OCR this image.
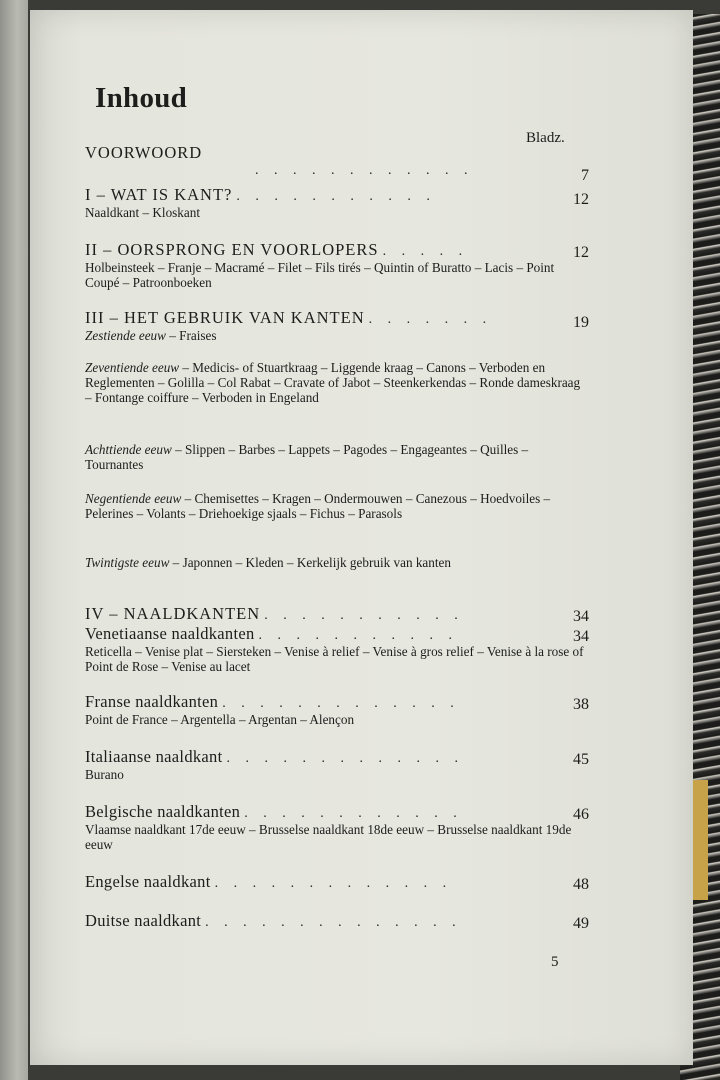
Inhoud
Bladz.
VOORWOORD
. . . . . . . . . . . .	7
I – WAT IS KANT? . . . . . . . . . . .	12
Naaldkant – Kloskant
II – OORSPRONG EN VOORLOPERS . . . . .	12
Holbeinsteek – Franje – Macramé – Filet – Fils tirés – Quintin of Buratto – Lacis – Point Coupé – Patroonboeken
III – HET GEBRUIK VAN KANTEN . . . . . . .	19
Zestiende eeuw – Fraises
Zeventiende eeuw – Medicis- of Stuartkraag – Liggende kraag – Canons – Verboden en Reglementen – Golilla – Col Rabat – Cravate of Jabot – Steenkerkendas – Ronde dameskraag – Fontange coiffure – Verboden in Engeland
Achttiende eeuw – Slippen – Barbes – Lappets – Pagodes – Engageantes – Quilles – Tournantes
Negentiende eeuw – Chemisettes – Kragen – Ondermouwen – Canezous – Hoedvoiles – Pelerines – Volants – Driehoekige sjaals – Fichus – Parasols
Twintigste eeuw – Japonnen – Kleden – Kerkelijk gebruik van kanten
IV – NAALDKANTEN . . . . . . . . . . .	34
Venetiaanse naaldkanten . . . . . . . . . . .	34
Reticella – Venise plat – Siersteken – Venise à relief – Venise à gros relief – Venise à la rose of Point de Rose – Venise au lacet
Franse naaldkanten . . . . . . . . . . . . .	38
Point de France – Argentella – Argentan – Alençon
Italiaanse naaldkant . . . . . . . . . . . . .	45
Burano
Belgische naaldkanten . . . . . . . . . . . .	46
Vlaamse naaldkant 17de eeuw – Brusselse naaldkant 18de eeuw – Brusselse naaldkant 19de eeuw
Engelse naaldkant . . . . . . . . . . . . .	48
Duitse naaldkant . . . . . . . . . . . . . .	49
5
